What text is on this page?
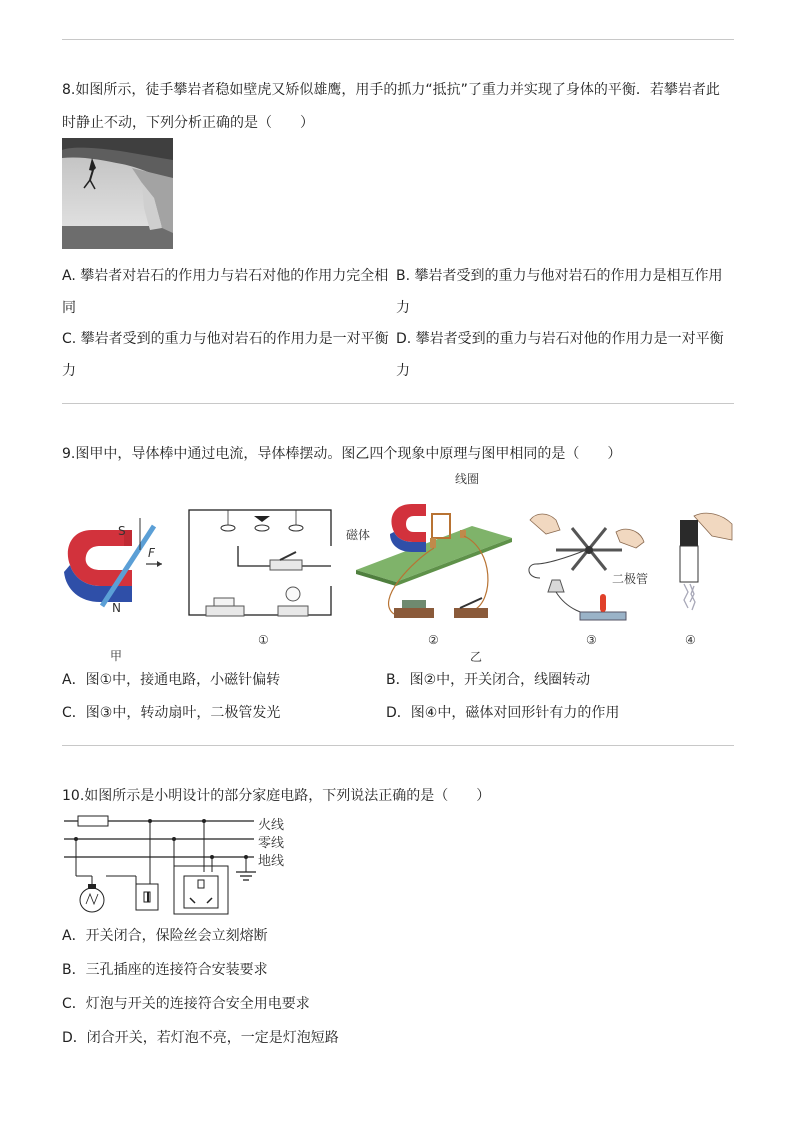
8.如图所示，徒手攀岩者稳如壁虎又矫似雄鹰，用手的抓力“抵抗”了重力并实现了身体的平衡．若攀岩者此
时静止不动，下列分析正确的是（　　）
A. 攀岩者对岩石的作用力与岩石对他的作用力完全相同
B. 攀岩者受到的重力与他对岩石的作用力是相互作用力
C. 攀岩者受到的重力与他对岩石的作用力是一对平衡力
D. 攀岩者受到的重力与岩石对他的作用力是一对平衡力
9.图甲中，导体棒中通过电流，导体棒摆动。图乙四个现象中原理与图甲相同的是（　　）
S
N
F
甲
①
线圈
磁体
②
乙
二极管
③	④
A．图①中，接通电路，小磁针偏转	B．图②中，开关闭合，线圈转动
C．图③中，转动扇叶，二极管发光	D．图④中，磁体对回形针有力的作用
10.如图所示是小明设计的部分家庭电路，下列说法正确的是（　　）
火线
零线
地线
A．开关闭合，保险丝会立刻熔断
B．三孔插座的连接符合安装要求
C．灯泡与开关的连接符合安全用电要求
D．闭合开关，若灯泡不亮，一定是灯泡短路
